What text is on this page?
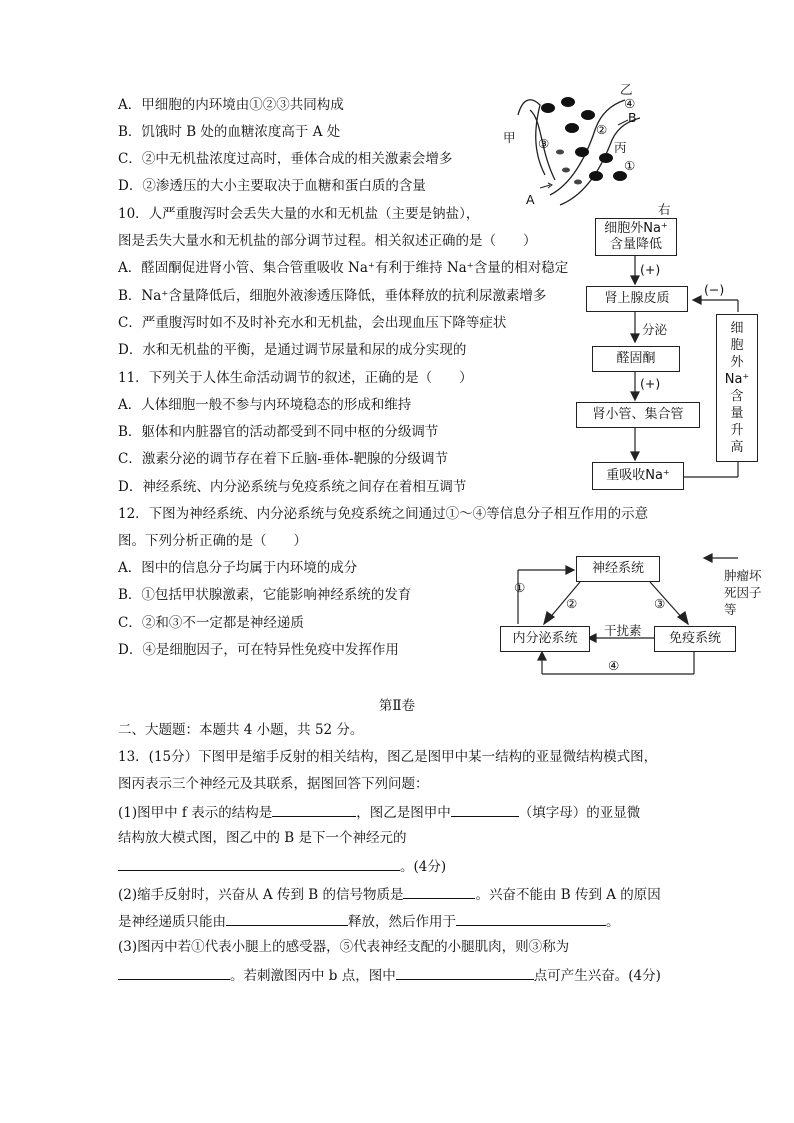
A．甲细胞的内环境由①②③共同构成
B．饥饿时 B 处的血糖浓度高于 A 处
C．②中无机盐浓度过高时，垂体合成的相关激素会增多
D．②渗透压的大小主要取决于血糖和蛋白质的含量
甲 ③
乙
④
②
B
丙
①
A
10．人严重腹泻时会丢失大量的水和无机盐（主要是钠盐），
图是丢失大量水和无机盐的部分调节过程。相关叙述正确的是（　　）
A．醛固酮促进肾小管、集合管重吸收 Na⁺有利于维持 Na⁺含量的相对稳定
B．Na⁺含量降低后，细胞外液渗透压降低，垂体释放的抗利尿激素增多
C．严重腹泻时如不及时补充水和无机盐，会出现血压下降等症状
D．水和无机盐的平衡，是通过调节尿量和尿的成分实现的
细胞外Na⁺
含量降低
右
(+)
肾上腺皮质
(−)
分泌
醛固酮
(+)
肾小管、集合管
重吸收Na⁺
细
胞
外
Na⁺
含
量
升
高
11．下列关于人体生命活动调节的叙述，正确的是（　　）
A．人体细胞一般不参与内环境稳态的形成和维持
B．躯体和内脏器官的活动都受到不同中枢的分级调节
C．激素分泌的调节存在着下丘脑-垂体-靶腺的分级调节
D．神经系统、内分泌系统与免疫系统之间存在着相互调节
12．下图为神经系统、内分泌系统与免疫系统之间通过①～④等信息分子相互作用的示意
图。下列分析正确的是（　　）
A．图中的信息分子均属于内环境的成分
B．①包括甲状腺激素，它能影响神经系统的发育
C．②和③不一定都是神经递质
D．④是细胞因子，可在特异性免疫中发挥作用
神经系统
内分泌系统	免疫系统
①
②	③
④
干扰素
肿瘤坏
死因子
等
第Ⅱ卷
二、大题题：本题共 4 小题，共 52 分。
13．(15分）下图甲是缩手反射的相关结构，图乙是图甲中某一结构的亚显微结构模式图，
图丙表示三个神经元及其联系，据图回答下列问题：
(1)图甲中 f 表示的结构是	，图乙是图甲中	（填字母）的亚显微
结构放大模式图，图乙中的 B 是下一个神经元的
。(4分)
(2)缩手反射时，兴奋从 A 传到 B 的信号物质是	。兴奋不能由 B 传到 A 的原因
是神经递质只能由	释放，然后作用于	。
(3)图丙中若①代表小腿上的感受器，⑤代表神经支配的小腿肌肉，则③称为
。若刺激图丙中 b 点，图中	点可产生兴奋。(4分)
